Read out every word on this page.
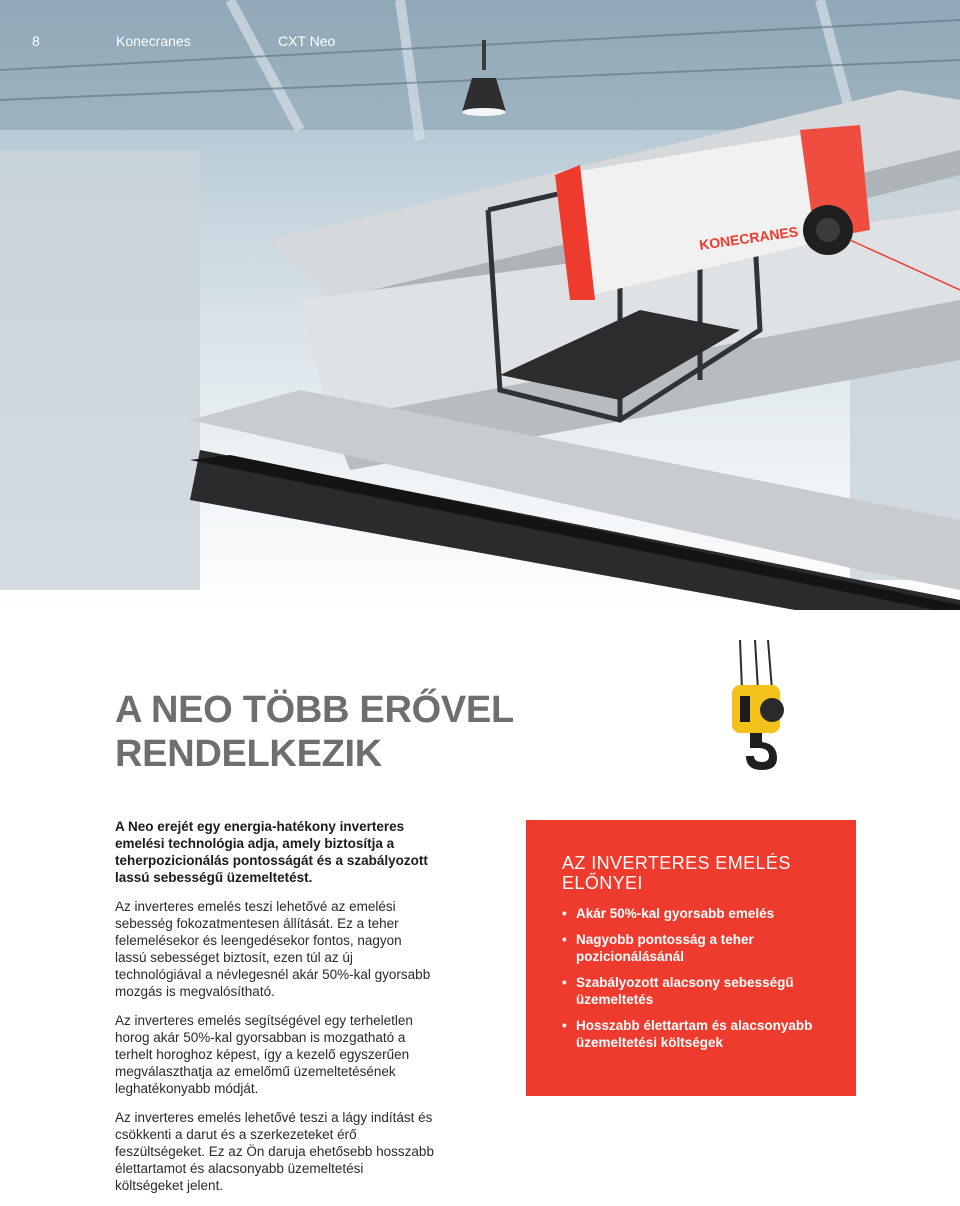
KONECRANES
8	Konecranes	CXT Neo
A NEO TÖBB ERŐVEL
RENDELKEZIK

A Neo erejét egy energia-hatékony inverteres emelési technológia adja, amely biztosítja a teherpozicionálás pontosságát és a szabályozott lassú sebességű üzemeltetést.

Az inverteres emelés teszi lehetővé az emelési sebesség fokozatmentesen állítását. Ez a teher felemelésekor és leengedésekor fontos, nagyon lassú sebességet biztosít, ezen túl az új technológiával a névlegesnél akár 50%-kal gyorsabb mozgás is megvalósítható.

Az inverteres emelés segítségével egy terheletlen horog akár 50%-kal gyorsabban is mozgatható a terhelt horoghoz képest, így a kezelő egyszerűen megválaszthatja az emelőmű üzemeltetésének leghatékonyabb módját.

Az inverteres emelés lehetővé teszi a lágy indítást és csökkenti a darut és a szerkezeteket érő feszültségeket. Ez az Ön daruja ehetősebb hosszabb élettartamot és alacsonyabb üzemeltetési költségeket jelent.

AZ INVERTERES EMELÉS
ELŐNYEI
• Akár 50%-kal gyorsabb emelés
• Nagyobb pontosság a teher pozicionálásánál
• Szabályozott alacsony sebességű üzemeltetés
• Hosszabb élettartam és alacsonyabb üzemeltetési költségek
